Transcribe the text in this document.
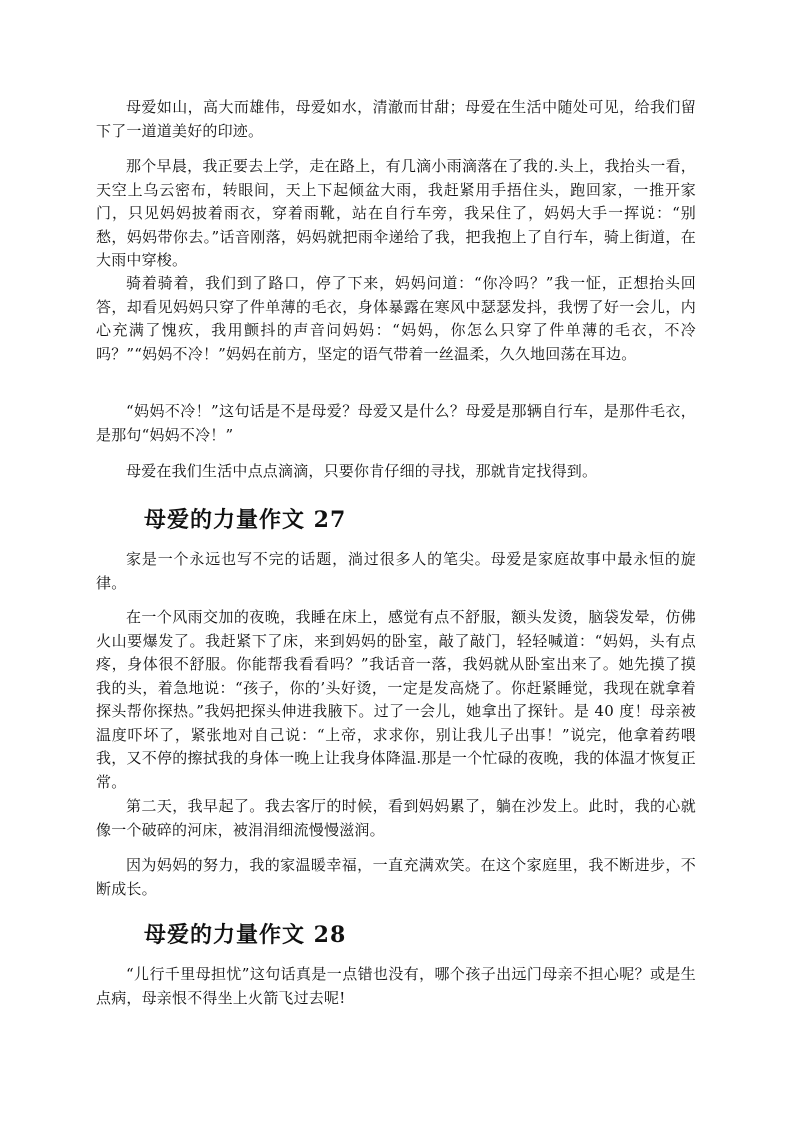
母爱如山，高大而雄伟，母爱如水，清澈而甘甜；母爱在生活中随处可见，给我们留下了一道道美好的印迹。

那个早晨，我正要去上学，走在路上，有几滴小雨滴落在了我的.头上，我抬头一看，天空上乌云密布，转眼间，天上下起倾盆大雨，我赶紧用手捂住头，跑回家，一推开家门，只见妈妈披着雨衣，穿着雨靴，站在自行车旁，我呆住了，妈妈大手一挥说：“别愁，妈妈带你去。”话音刚落，妈妈就把雨伞递给了我，把我抱上了自行车，骑上街道，在大雨中穿梭。

骑着骑着，我们到了路口，停了下来，妈妈问道：“你冷吗？”我一怔，正想抬头回答，却看见妈妈只穿了件单薄的毛衣，身体暴露在寒风中瑟瑟发抖，我愣了好一会儿，内心充满了愧疚，我用颤抖的声音问妈妈：“妈妈，你怎么只穿了件单薄的毛衣，不冷吗？”“妈妈不冷！”妈妈在前方，坚定的语气带着一丝温柔，久久地回荡在耳边。

“妈妈不冷！”这句话是不是母爱？母爱又是什么？母爱是那辆自行车，是那件毛衣，是那句“妈妈不冷！”

母爱在我们生活中点点滴滴，只要你肯仔细的寻找，那就肯定找得到。

母爱的力量作文 27

家是一个永远也写不完的话题，淌过很多人的笔尖。母爱是家庭故事中最永恒的旋律。

在一个风雨交加的夜晚，我睡在床上，感觉有点不舒服，额头发烫，脑袋发晕，仿佛火山要爆发了。我赶紧下了床，来到妈妈的卧室，敲了敲门，轻轻喊道：“妈妈，头有点疼，身体很不舒服。你能帮我看看吗？”我话音一落，我妈就从卧室出来了。她先摸了摸我的头，着急地说：“孩子，你的’头好烫，一定是发高烧了。你赶紧睡觉，我现在就拿着探头帮你探热。”我妈把探头伸进我腋下。过了一会儿，她拿出了探针。是 40 度！母亲被温度吓坏了，紧张地对自己说：“上帝，求求你，别让我儿子出事！”说完，他拿着药喂我，又不停的擦拭我的身体一晚上让我身体降温.那是一个忙碌的夜晚，我的体温才恢复正常。

第二天，我早起了。我去客厅的时候，看到妈妈累了，躺在沙发上。此时，我的心就像一个破碎的河床，被涓涓细流慢慢滋润。

因为妈妈的努力，我的家温暖幸福，一直充满欢笑。在这个家庭里，我不断进步，不断成长。

母爱的力量作文 28

“儿行千里母担忧”这句话真是一点错也没有，哪个孩子出远门母亲不担心呢？或是生点病，母亲恨不得坐上火箭飞过去呢!
